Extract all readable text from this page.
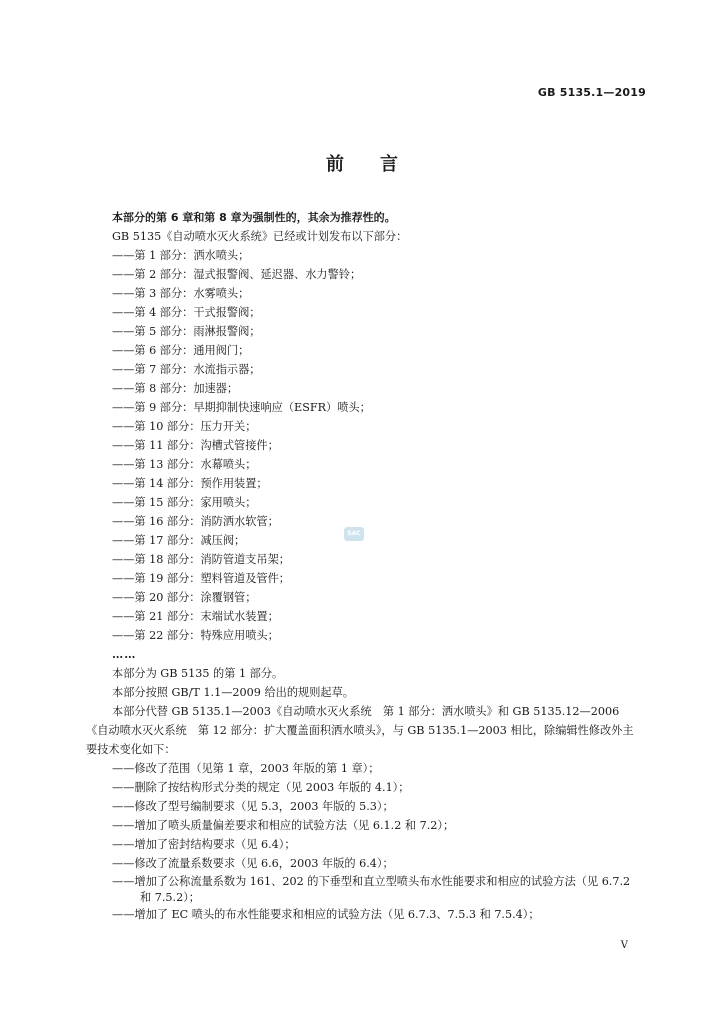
GB 5135.1—2019
前言
本部分的第 6 章和第 8 章为强制性的，其余为推荐性的。
GB 5135《自动喷水灭火系统》已经或计划发布以下部分：
——第 1 部分：洒水喷头；
——第 2 部分：湿式报警阀、延迟器、水力警铃；
——第 3 部分：水雾喷头；
——第 4 部分：干式报警阀；
——第 5 部分：雨淋报警阀；
——第 6 部分：通用阀门；
——第 7 部分：水流指示器；
——第 8 部分：加速器；
——第 9 部分：早期抑制快速响应（ESFR）喷头；
——第 10 部分：压力开关；
——第 11 部分：沟槽式管接件；
——第 13 部分：水幕喷头；
——第 14 部分：预作用装置；
——第 15 部分：家用喷头；
——第 16 部分：消防洒水软管；
——第 17 部分：减压阀；
——第 18 部分：消防管道支吊架；
——第 19 部分：塑料管道及管件；
——第 20 部分：涂覆钢管；
——第 21 部分：末端试水装置；
——第 22 部分：特殊应用喷头；
……
本部分为 GB 5135 的第 1 部分。
本部分按照 GB/T 1.1—2009 给出的规则起草。
本部分代替 GB 5135.1—2003《自动喷水灭火系统　第 1 部分：洒水喷头》和 GB 5135.12—2006《自动喷水灭火系统　第 12 部分：扩大覆盖面积洒水喷头》，与 GB 5135.1—2003 相比，除编辑性修改外主要技术变化如下：
——修改了范围（见第 1 章，2003 年版的第 1 章）；
——删除了按结构形式分类的规定（见 2003 年版的 4.1）；
——修改了型号编制要求（见 5.3，2003 年版的 5.3）；
——增加了喷头质量偏差要求和相应的试验方法（见 6.1.2 和 7.2）；
——增加了密封结构要求（见 6.4）；
——修改了流量系数要求（见 6.6，2003 年版的 6.4）；
——增加了公称流量系数为 161、202 的下垂型和直立型喷头布水性能要求和相应的试验方法（见 6.7.2 和 7.5.2）；
——增加了 EC 喷头的布水性能要求和相应的试验方法（见 6.7.3、7.5.3 和 7.5.4）；
SAC
V
